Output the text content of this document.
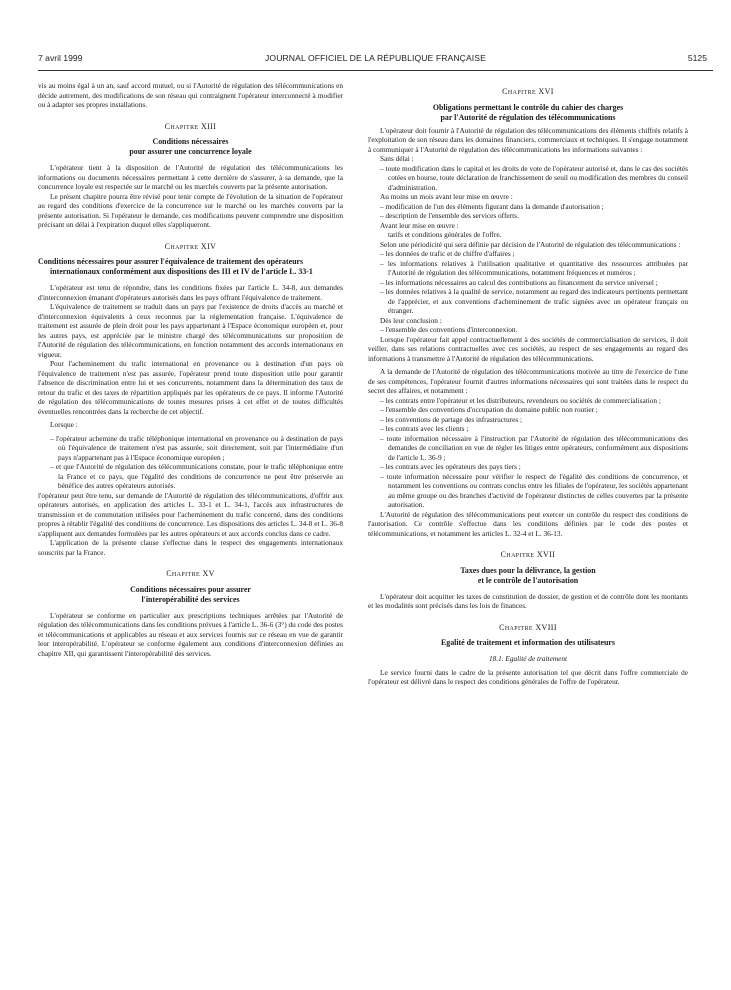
7 avril 1999	JOURNAL OFFICIEL DE LA RÉPUBLIQUE FRANÇAISE	5125

vis au moins égal à un an, sauf accord mutuel, ou si l'Autorité de régulation des télécommunications en décide autrement, des modifications de son réseau qui contraignent l'opérateur interconnecté à modifier ou à adapter ses propres installations.

Chapitre XIII
Conditions nécessaires
pour assurer une concurrence loyale

L'opérateur tient à la disposition de l'Autorité de régulation des télécommunications les informations ou documents nécessaires permettant à cette dernière de s'assurer, à sa demande, que la concurrence loyale est respectée sur le marché ou les marchés couverts par la présente autorisation.

Le présent chapitre pourra être révisé pour tenir compte de l'évolution de la situation de l'opérateur au regard des conditions d'exercice de la concurrence sur le marché ou les marchés couverts par la présente autorisation. Si l'opérateur le demande, ces modifications peuvent comprendre une disposition précisant un délai à l'expiration duquel elles s'appliqueront.

Chapitre XIV
Conditions nécessaires pour assurer l'équivalence de traitement des opérateurs internationaux conformément aux dispositions des III et IV de l'article L. 33-1

L'opérateur est tenu de répondre, dans les conditions fixées par l'article L. 34-8, aux demandes d'interconnexion émanant d'opérateurs autorisés dans les pays offrant l'équivalence de traitement.

L'équivalence de traitement se traduit dans un pays par l'existence de droits d'accès au marché et d'interconnexion équivalents à ceux reconnus par la réglementation française. L'équivalence de traitement est assurée de plein droit pour les pays appartenant à l'Espace économique européen et, pour les autres pays, est appréciée par le ministre chargé des télécommunications sur proposition de l'Autorité de régulation des télécommunications, en fonction notamment des accords internationaux en vigueur.

Pour l'acheminement du trafic international en provenance ou à destination d'un pays où l'équivalence de traitement n'est pas assurée, l'opérateur prend toute disposition utile pour garantir l'absence de discrimination entre lui et ses concurrents, notamment dans la détermination des taux de retour du trafic et des taxes de répartition appliqués par les opérateurs de ce pays. Il informe l'Autorité de régulation des télécommunications de toutes mesures prises à cet effet et de toutes difficultés éventuelles rencontrées dans la recherche de cet objectif.

Lorsque :

– l'opérateur achemine du trafic téléphonique international en provenance ou à destination de pays où l'équivalence de traitement n'est pas assurée, soit directement, soit par l'intermédiaire d'un pays n'appartenant pas à l'Espace économique européen ;

– et que l'Autorité de régulation des télécommunications constate, pour le trafic téléphonique entre la France et ce pays, que l'égalité des conditions de concurrence ne peut être préservée au bénéfice des autres opérateurs autorisés.

l'opérateur peut être tenu, sur demande de l'Autorité de régulation des télécommunications, d'offrir aux opérateurs autorisés, en application des articles L. 33-1 et L. 34-1, l'accès aux infrastructures de transmission et de commutation utilisées pour l'acheminement du trafic concerné, dans des conditions propres à rétablir l'égalité des conditions de concurrence. Les dispositions des articles L. 34-8 et L. 36-8 s'appliquent aux demandes formulées par les autres opérateurs et aux accords conclus dans ce cadre.

L'application de la présente clause s'effectue dans le respect des engagements internationaux souscrits par la France.

Chapitre XV
Conditions nécessaires pour assurer
l'interopérabilité des services

L'opérateur se conforme en particulier aux prescriptions techniques arrêtées par l'Autorité de régulation des télécommunications dans les conditions prévues à l'article L. 36-6 (3°) du code des postes et télécommunications et applicables au réseau et aux services fournis sur ce réseau en vue de garantir leur interopérabilité. L'opérateur se conforme également aux conditions d'interconnexion définies au chapitre XII, qui garantissent l'interopérabilité des services.

Chapitre XVI
Obligations permettant le contrôle du cahier des charges
par l'Autorité de régulation des télécommunications

L'opérateur doit fournir à l'Autorité de régulation des télécommunications des éléments chiffrés relatifs à l'exploitation de son réseau dans les domaines financiers, commerciaux et techniques. Il s'engage notamment à communiquer à l'Autorité de régulation des télécommunications les informations suivantes :

Sans délai :

– toute modification dans le capital et les droits de vote de l'opérateur autorisé et, dans le cas des sociétés cotées en bourse, toute déclaration de franchissement de seuil ou modification des membres du conseil d'administration.

Au moins un mois avant leur mise en œuvre :

– modification de l'un des éléments figurant dans la demande d'autorisation ;

– description de l'ensemble des services offerts.

Avant leur mise en œuvre :

tarifs et conditions générales de l'offre.

Selon une périodicité qui sera définie par décision de l'Autorité de régulation des télécommunications :

– les données de trafic et de chiffre d'affaires ;

– les informations relatives à l'utilisation qualitative et quantitative des ressources attribuées par l'Autorité de régulation des télécommunications, notamment fréquences et numéros ;

– les informations nécessaires au calcul des contributions au financement du service universel ;

– les données relatives à la qualité de service, notamment au regard des indicateurs pertinents permettant de l'apprécier, et aux conventions d'acheminement de trafic signées avec un opérateur français ou étranger.

Dès leur conclusion :

– l'ensemble des conventions d'interconnexion.

Lorsque l'opérateur fait appel contractuellement à des sociétés de commercialisation de services, il doit veiller, dans ses relations contractuelles avec ces sociétés, au respect de ses engagements au regard des informations à transmettre à l'Autorité de régulation des télécommunications.

A la demande de l'Autorité de régulation des télécommunications motivée au titre de l'exercice de l'une de ses compétences, l'opérateur fournit d'autres informations nécessaires qui sont traitées dans le respect du secret des affaires, et notamment :

– les contrats entre l'opérateur et les distributeurs, revendeurs ou sociétés de commercialisation ;

– l'ensemble des conventions d'occupation du domaine public non routier ;

– les conventions de partage des infrastructures ;

– les contrats avec les clients ;

– toute information nécessaire à l'instruction par l'Autorité de régulation des télécommunications des demandes de conciliation en vue de régler les litiges entre opérateurs, conformément aux dispositions de l'article L. 36-9 ;

– les contrats avec les opérateurs des pays tiers ;

– toute information nécessaire pour vérifier le respect de l'égalité des conditions de concurrence, et notamment les conventions ou contrats conclus entre les filiales de l'opérateur, les sociétés appartenant au même groupe ou des branches d'activité de l'opérateur distinctes de celles couvertes par la présente autorisation.

L'Autorité de régulation des télécommunications peut exercer un contrôle du respect des conditions de l'autorisation. Ce contrôle s'effectue dans les conditions définies par le code des postes et télécommunications, et notamment les articles L. 32-4 et L. 36-13.

Chapitre XVII
Taxes dues pour la délivrance, la gestion
et le contrôle de l'autorisation

L'opérateur doit acquitter les taxes de constitution de dossier, de gestion et de contrôle dont les montants et les modalités sont précisés dans les lois de finances.

Chapitre XVIII
Egalité de traitement et information des utilisateurs
18.1. Egalité de traitement

Le service fourni dans le cadre de la présente autorisation tel que décrit dans l'offre commerciale de l'opérateur est délivré dans le respect des conditions générales de l'offre de l'opérateur.
